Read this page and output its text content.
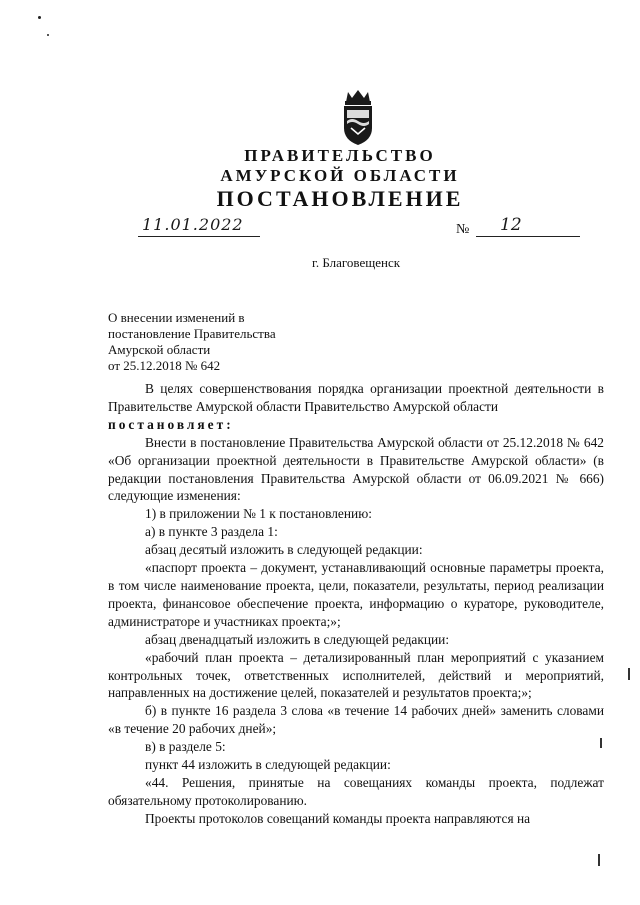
ПРАВИТЕЛЬСТВО
АМУРСКОЙ ОБЛАСТИ
ПОСТАНОВЛЕНИЕ
11.01.2022	№ 12
г. Благовещенск
О внесении изменений в
постановление Правительства
Амурской области
от 25.12.2018 № 642

В целях совершенствования порядка организации проектной деятельности в Правительстве Амурской области Правительство Амурской области

постановляет:

Внести в постановление Правительства Амурской области от 25.12.2018 № 642 «Об организации проектной деятельности в Правительстве Амурской области» (в редакции постановления Правительства Амурской области от 06.09.2021 № 666) следующие изменения:

1) в приложении № 1 к постановлению:

а) в пункте 3 раздела 1:

абзац десятый изложить в следующей редакции:

«паспорт проекта – документ, устанавливающий основные параметры проекта, в том числе наименование проекта, цели, показатели, результаты, период реализации проекта, финансовое обеспечение проекта, информацию о кураторе, руководителе, администраторе и участниках проекта;»;

абзац двенадцатый изложить в следующей редакции:

«рабочий план проекта – детализированный план мероприятий с указанием контрольных точек, ответственных исполнителей, действий и мероприятий, направленных на достижение целей, показателей и результатов проекта;»;

б) в пункте 16 раздела 3 слова «в течение 14 рабочих дней» заменить словами «в течение 20 рабочих дней»;

в) в разделе 5:

пункт 44 изложить в следующей редакции:

«44. Решения, принятые на совещаниях команды проекта, подлежат обязательному протоколированию.

Проекты протоколов совещаний команды проекта направляются на
